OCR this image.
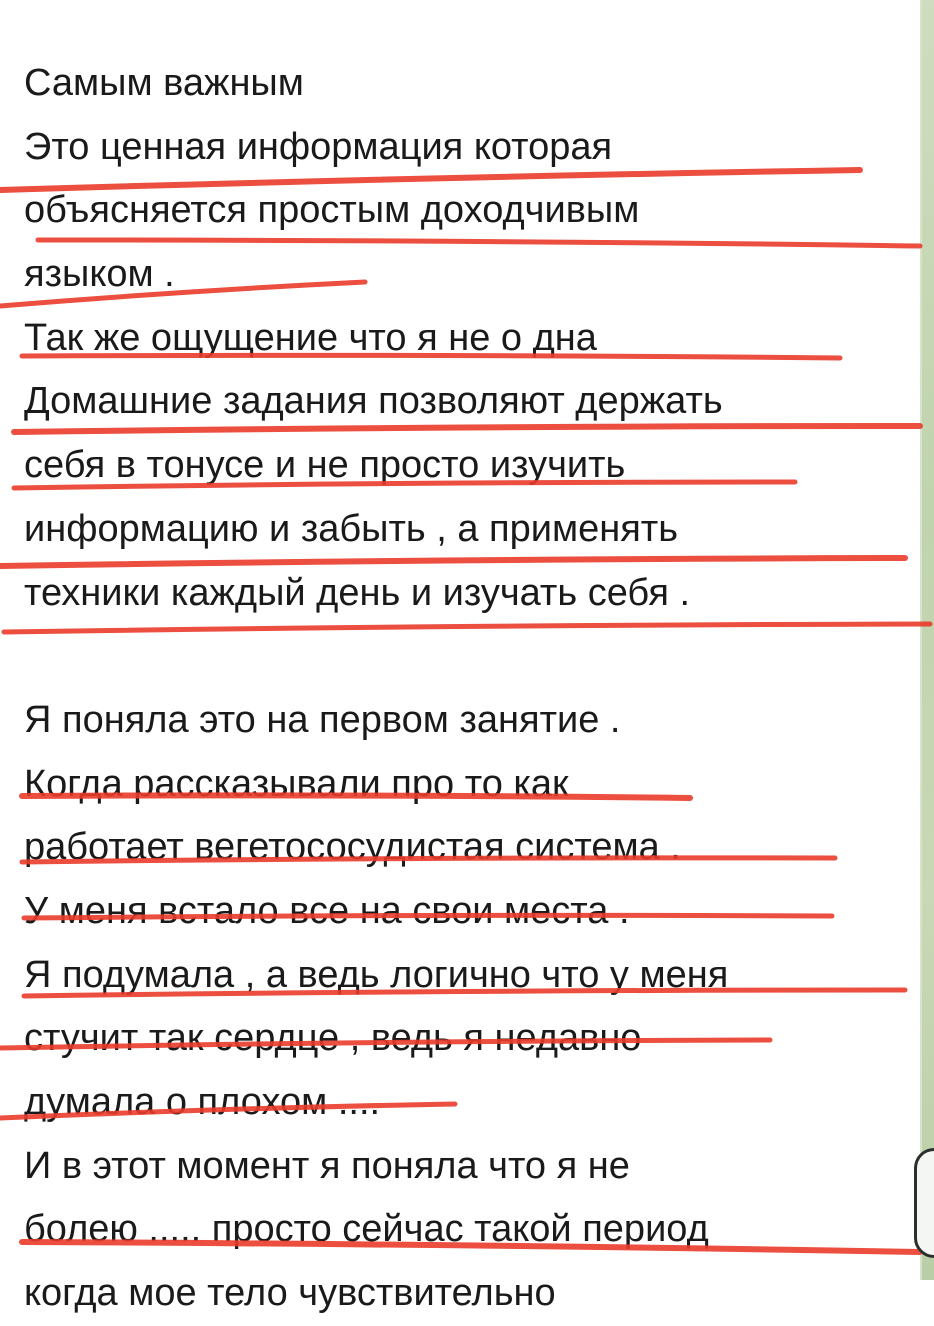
Самым важным
Это ценная информация которая
объясняется простым доходчивым
языком .
Так же ощущение что я не о дна
Домашние задания позволяют держать
себя в тонусе и не просто изучить
информацию и забыть , а применять
техники каждый день и изучать себя .
Я поняла это на первом занятие .
Когда рассказывали про то как
работает вегетососудистая система .
У меня встало все на свои места .
Я подумала , а ведь логично что у меня
стучит так сердце , ведь я недавно
думала о плохом ....
И в этот момент я поняла что я не
болею ..... просто сейчас такой период
когда мое тело чувствительно
